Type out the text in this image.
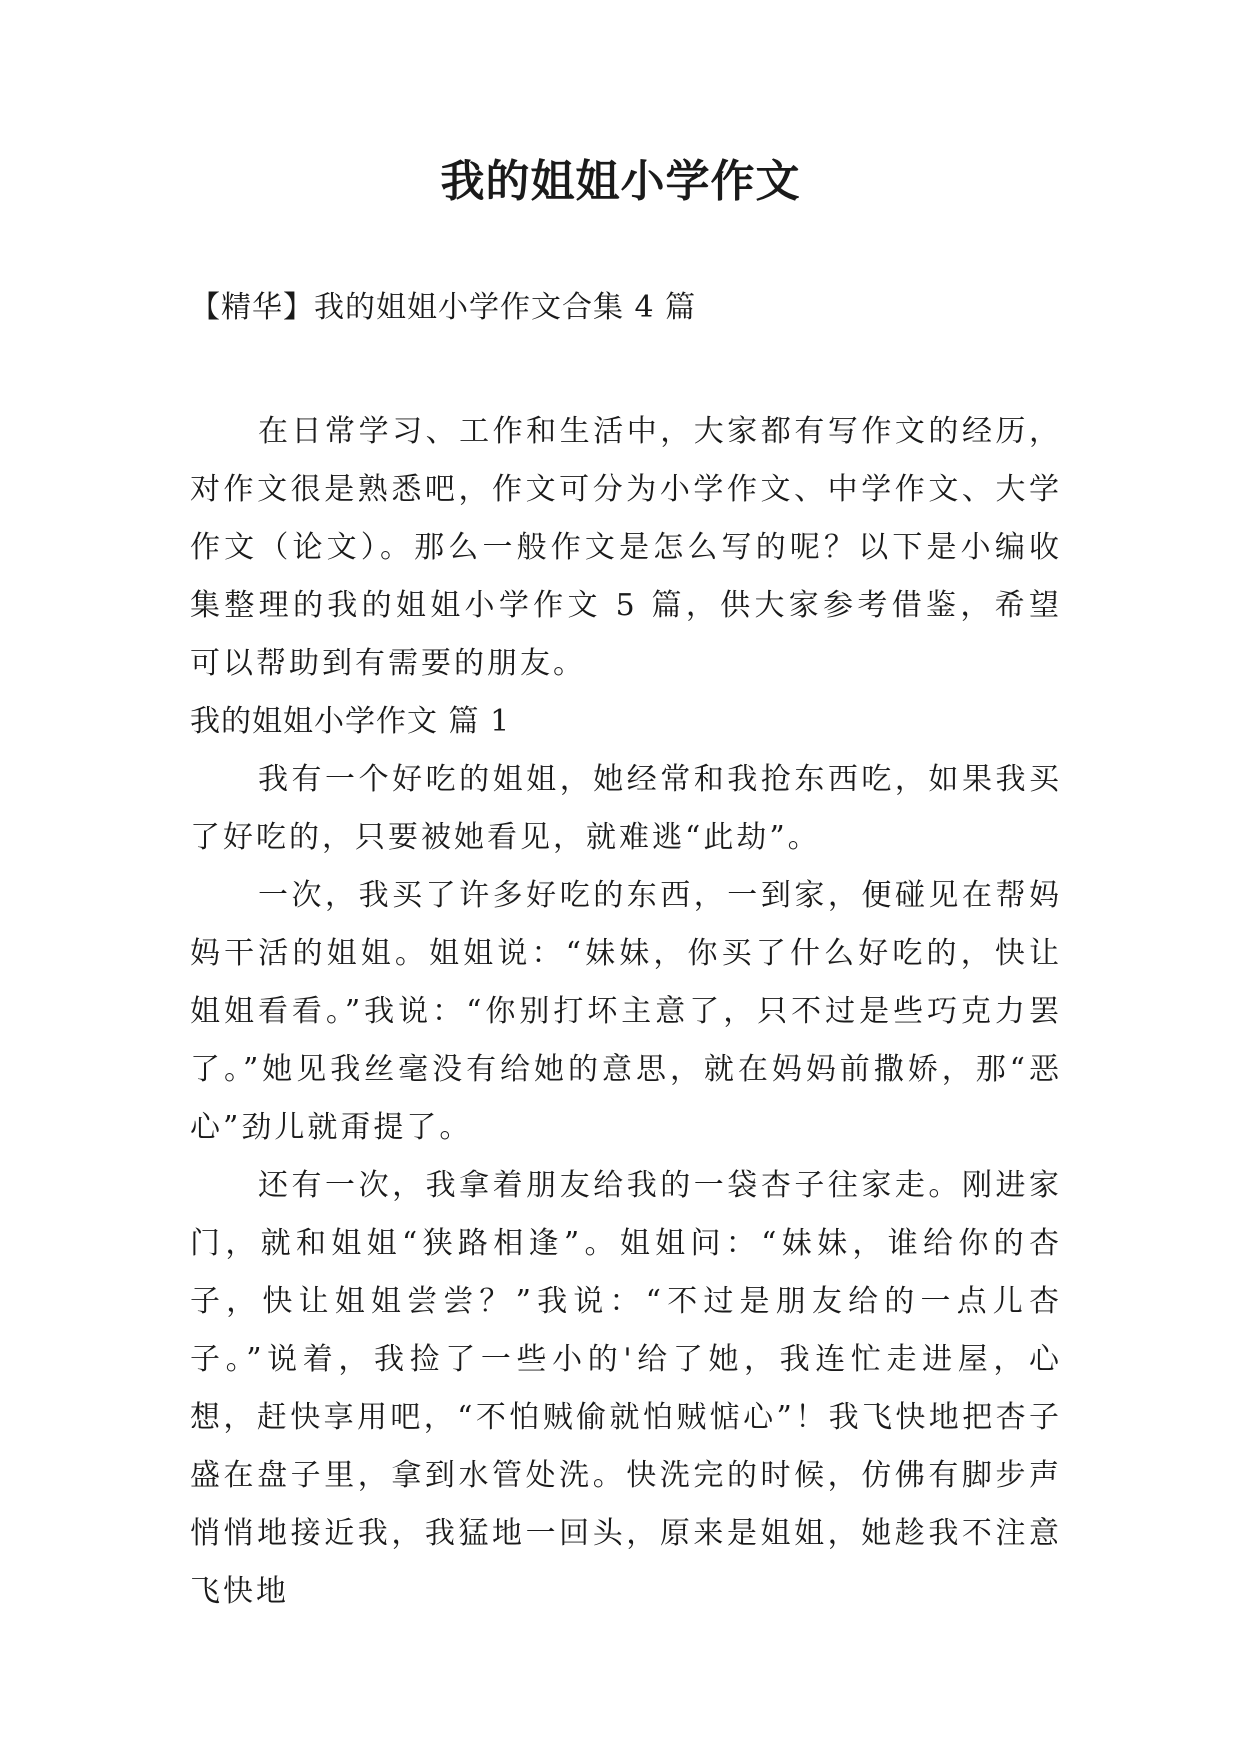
我的姐姐小学作文

【精华】我的姐姐小学作文合集 4 篇

在日常学习、工作和生活中，大家都有写作文的经历，对作文很是熟悉吧，作文可分为小学作文、中学作文、大学作文（论文）。那么一般作文是怎么写的呢？以下是小编收集整理的我的姐姐小学作文 5 篇，供大家参考借鉴，希望可以帮助到有需要的朋友。

我的姐姐小学作文 篇 1

我有一个好吃的姐姐，她经常和我抢东西吃，如果我买了好吃的，只要被她看见，就难逃“此劫”。

一次，我买了许多好吃的东西，一到家，便碰见在帮妈妈干活的姐姐。姐姐说：“妹妹，你买了什么好吃的，快让姐姐看看。”我说：“你别打坏主意了，只不过是些巧克力罢了。”她见我丝毫没有给她的意思，就在妈妈前撒娇，那“恶心”劲儿就甭提了。

还有一次，我拿着朋友给我的一袋杏子往家走。刚进家门，就和姐姐“狭路相逢”。姐姐问：“妹妹，谁给你的杏子，快让姐姐尝尝？”我说：“不过是朋友给的一点儿杏子。”说着，我捡了一些小的'给了她，我连忙走进屋，心想，赶快享用吧，“不怕贼偷就怕贼惦心”！我飞快地把杏子盛在盘子里，拿到水管处洗。快洗完的时候，仿佛有脚步声悄悄地接近我，我猛地一回头，原来是姐姐，她趁我不注意飞快地
